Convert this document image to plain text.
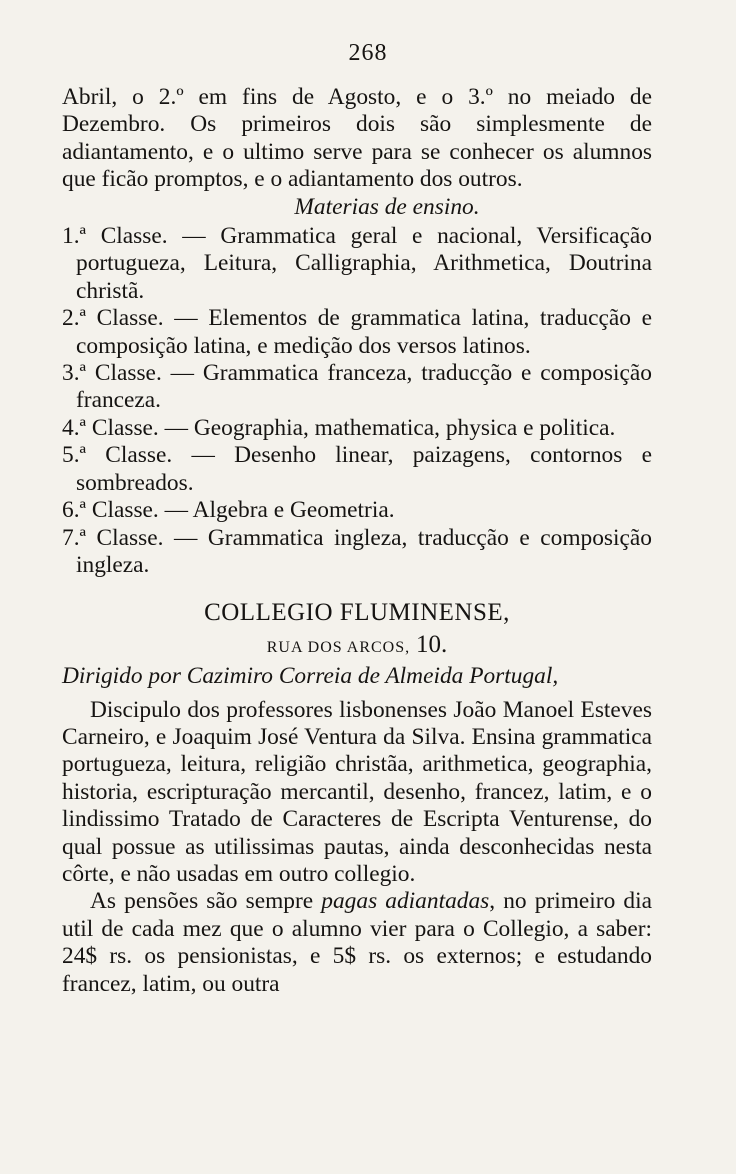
268

Abril, o 2.º em fins de Agosto, e o 3.º no meiado de Dezembro. Os primeiros dois são simplesmente de adiantamento, e o ultimo serve para se conhecer os alumnos que ficão promptos, e o adiantamento dos outros.

Materias de ensino.

1.ª Classe. — Grammatica geral e nacional, Versificação portugueza, Leitura, Calligraphia, Arithmetica, Doutrina christã.

2.ª Classe. — Elementos de grammatica latina, traducção e composição latina, e medição dos versos latinos.

3.ª Classe. — Grammatica franceza, traducção e composição franceza.

4.ª Classe. — Geographia, mathematica, physica e politica.

5.ª Classe. — Desenho linear, paizagens, contornos e sombreados.

6.ª Classe. — Algebra e Geometria.

7.ª Classe. — Grammatica ingleza, traducção e composição ingleza.

COLLEGIO FLUMINENSE,
RUA DOS ARCOS, 10.

Dirigido por Cazimiro Correia de Almeida Portugal,

Discipulo dos professores lisbonenses João Manoel Esteves Carneiro, e Joaquim José Ventura da Silva. Ensina grammatica portugueza, leitura, religião christãa, arithmetica, geographia, historia, escripturação mercantil, desenho, francez, latim, e o lindissimo Tratado de Caracteres de Escripta Venturense, do qual possue as utilissimas pautas, ainda desconhecidas nesta côrte, e não usadas em outro collegio.

As pensões são sempre pagas adiantadas, no primeiro dia util de cada mez que o alumno vier para o Collegio, a saber: 24$ rs. os pensionistas, e 5$ rs. os externos; e estudando francez, latim, ou outra
